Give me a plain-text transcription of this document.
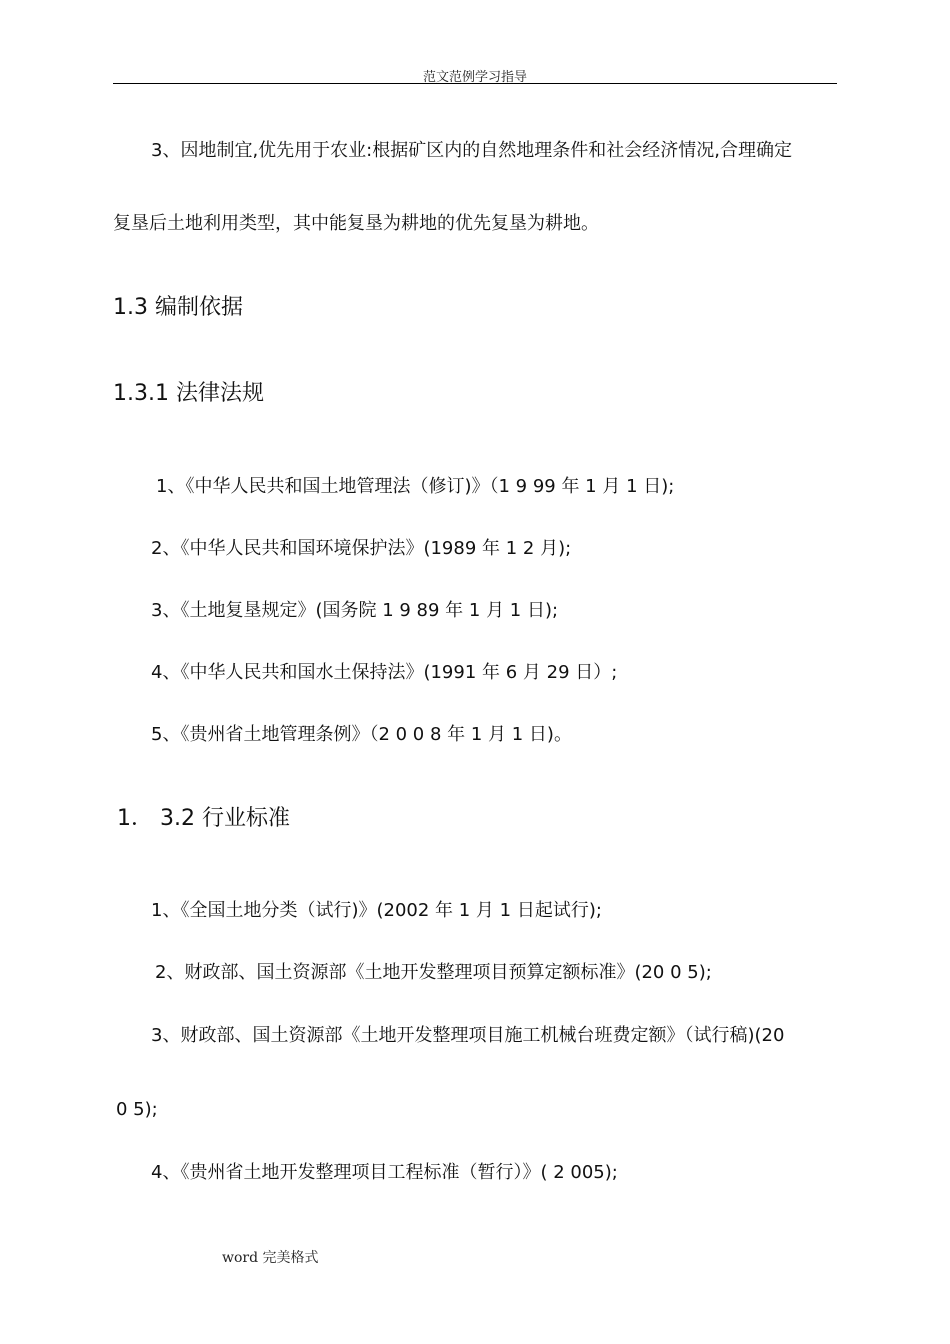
范文范例学习指导
3、因地制宜,优先用于农业:根据矿区内的自然地理条件和社会经济情况,合理确定
复垦后土地利用类型，其中能复垦为耕地的优先复垦为耕地。
1.3 编制依据
1.3.1 法律法规
1、《中华人民共和国土地管理法（修订)》（1 9 99 年 1 月 1 日);
2、《中华人民共和国环境保护法》(1989 年 1 2 月);
3、《土地复垦规定》(国务院 1 9 89 年 1 月 1 日);
4、《中华人民共和国水土保持法》(1991 年 6 月 29 日）;
5、《贵州省土地管理条例》（2 0 0 8 年 1 月 1 日)。
1． 3.2 行业标准
1、《全国土地分类（试行)》(2002 年 1 月 1 日起试行);
2、财政部、国土资源部《土地开发整理项目预算定额标准》(20 0 5);
3、财政部、国土资源部《土地开发整理项目施工机械台班费定额》（试行稿)(20
0 5);
4、《贵州省土地开发整理项目工程标准（暂行）》( 2 005);
word 完美格式
